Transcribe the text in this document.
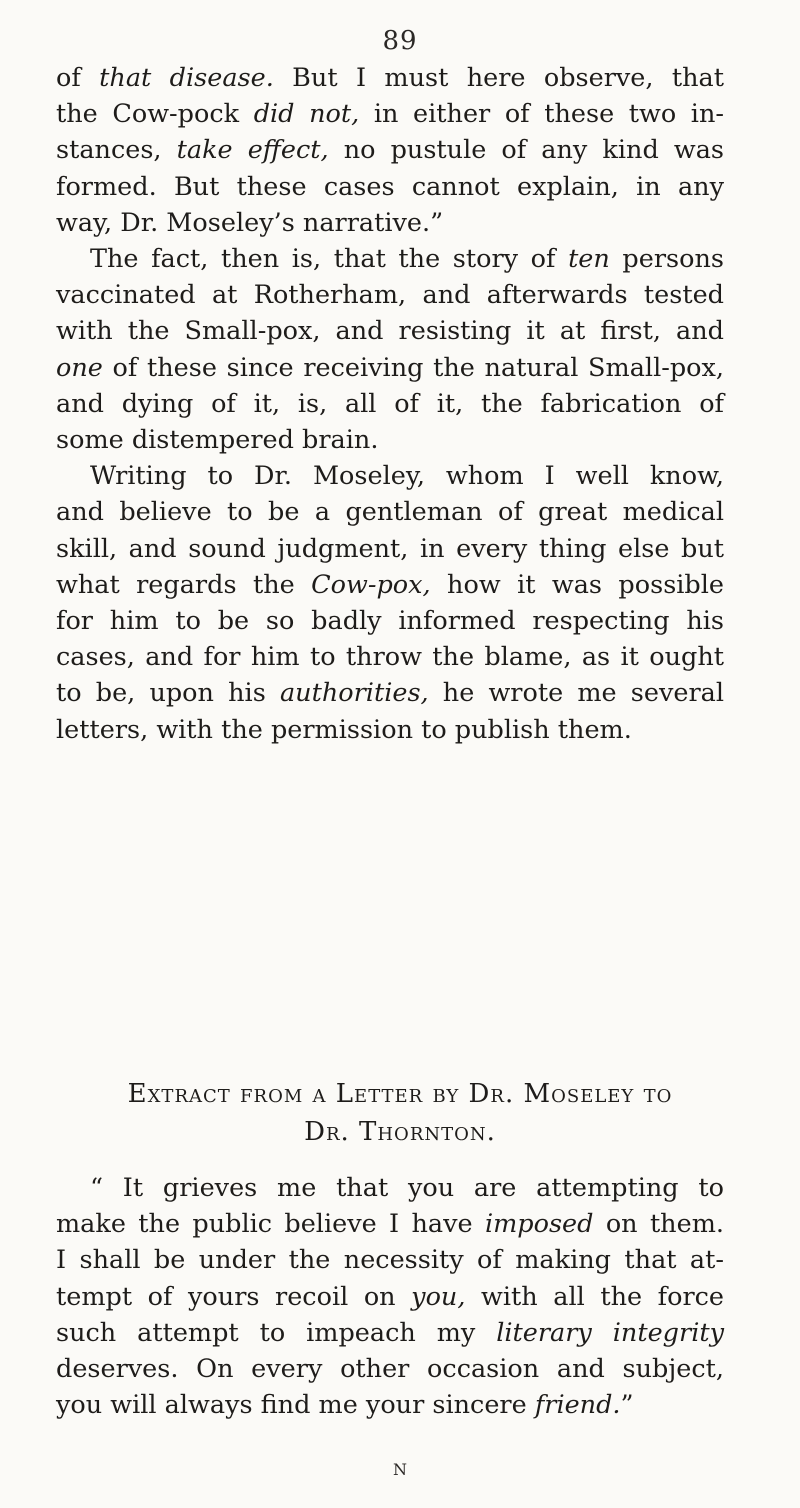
89
of that disease. But I must here observe, that
the Cow-pock did not, in either of these two in-
stances, take effect, no pustule of any kind was
formed. But these cases cannot explain, in any
way, Dr. Moseley’s narrative.”
The fact, then is, that the story of ten persons
vaccinated at Rotherham, and afterwards tested
with the Small-pox, and resisting it at first, and
one of these since receiving the natural Small-pox,
and dying of it, is, all of it, the fabrication of
some distempered brain.
Writing to Dr. Moseley, whom I well know,
and believe to be a gentleman of great medical
skill, and sound judgment, in every thing else but
what regards the Cow-pox, how it was possible
for him to be so badly informed respecting his
cases, and for him to throw the blame, as it ought
to be, upon his authorities, he wrote me several
letters, with the permission to publish them.
Extract from a Letter by Dr. Moseley to
Dr. Thornton.
“ It grieves me that you are attempting to
make the public believe I have imposed on them.
I shall be under the necessity of making that at-
tempt of yours recoil on you, with all the force
such attempt to impeach my literary integrity
deserves. On every other occasion and subject,
you will always find me your sincere friend.”
N
